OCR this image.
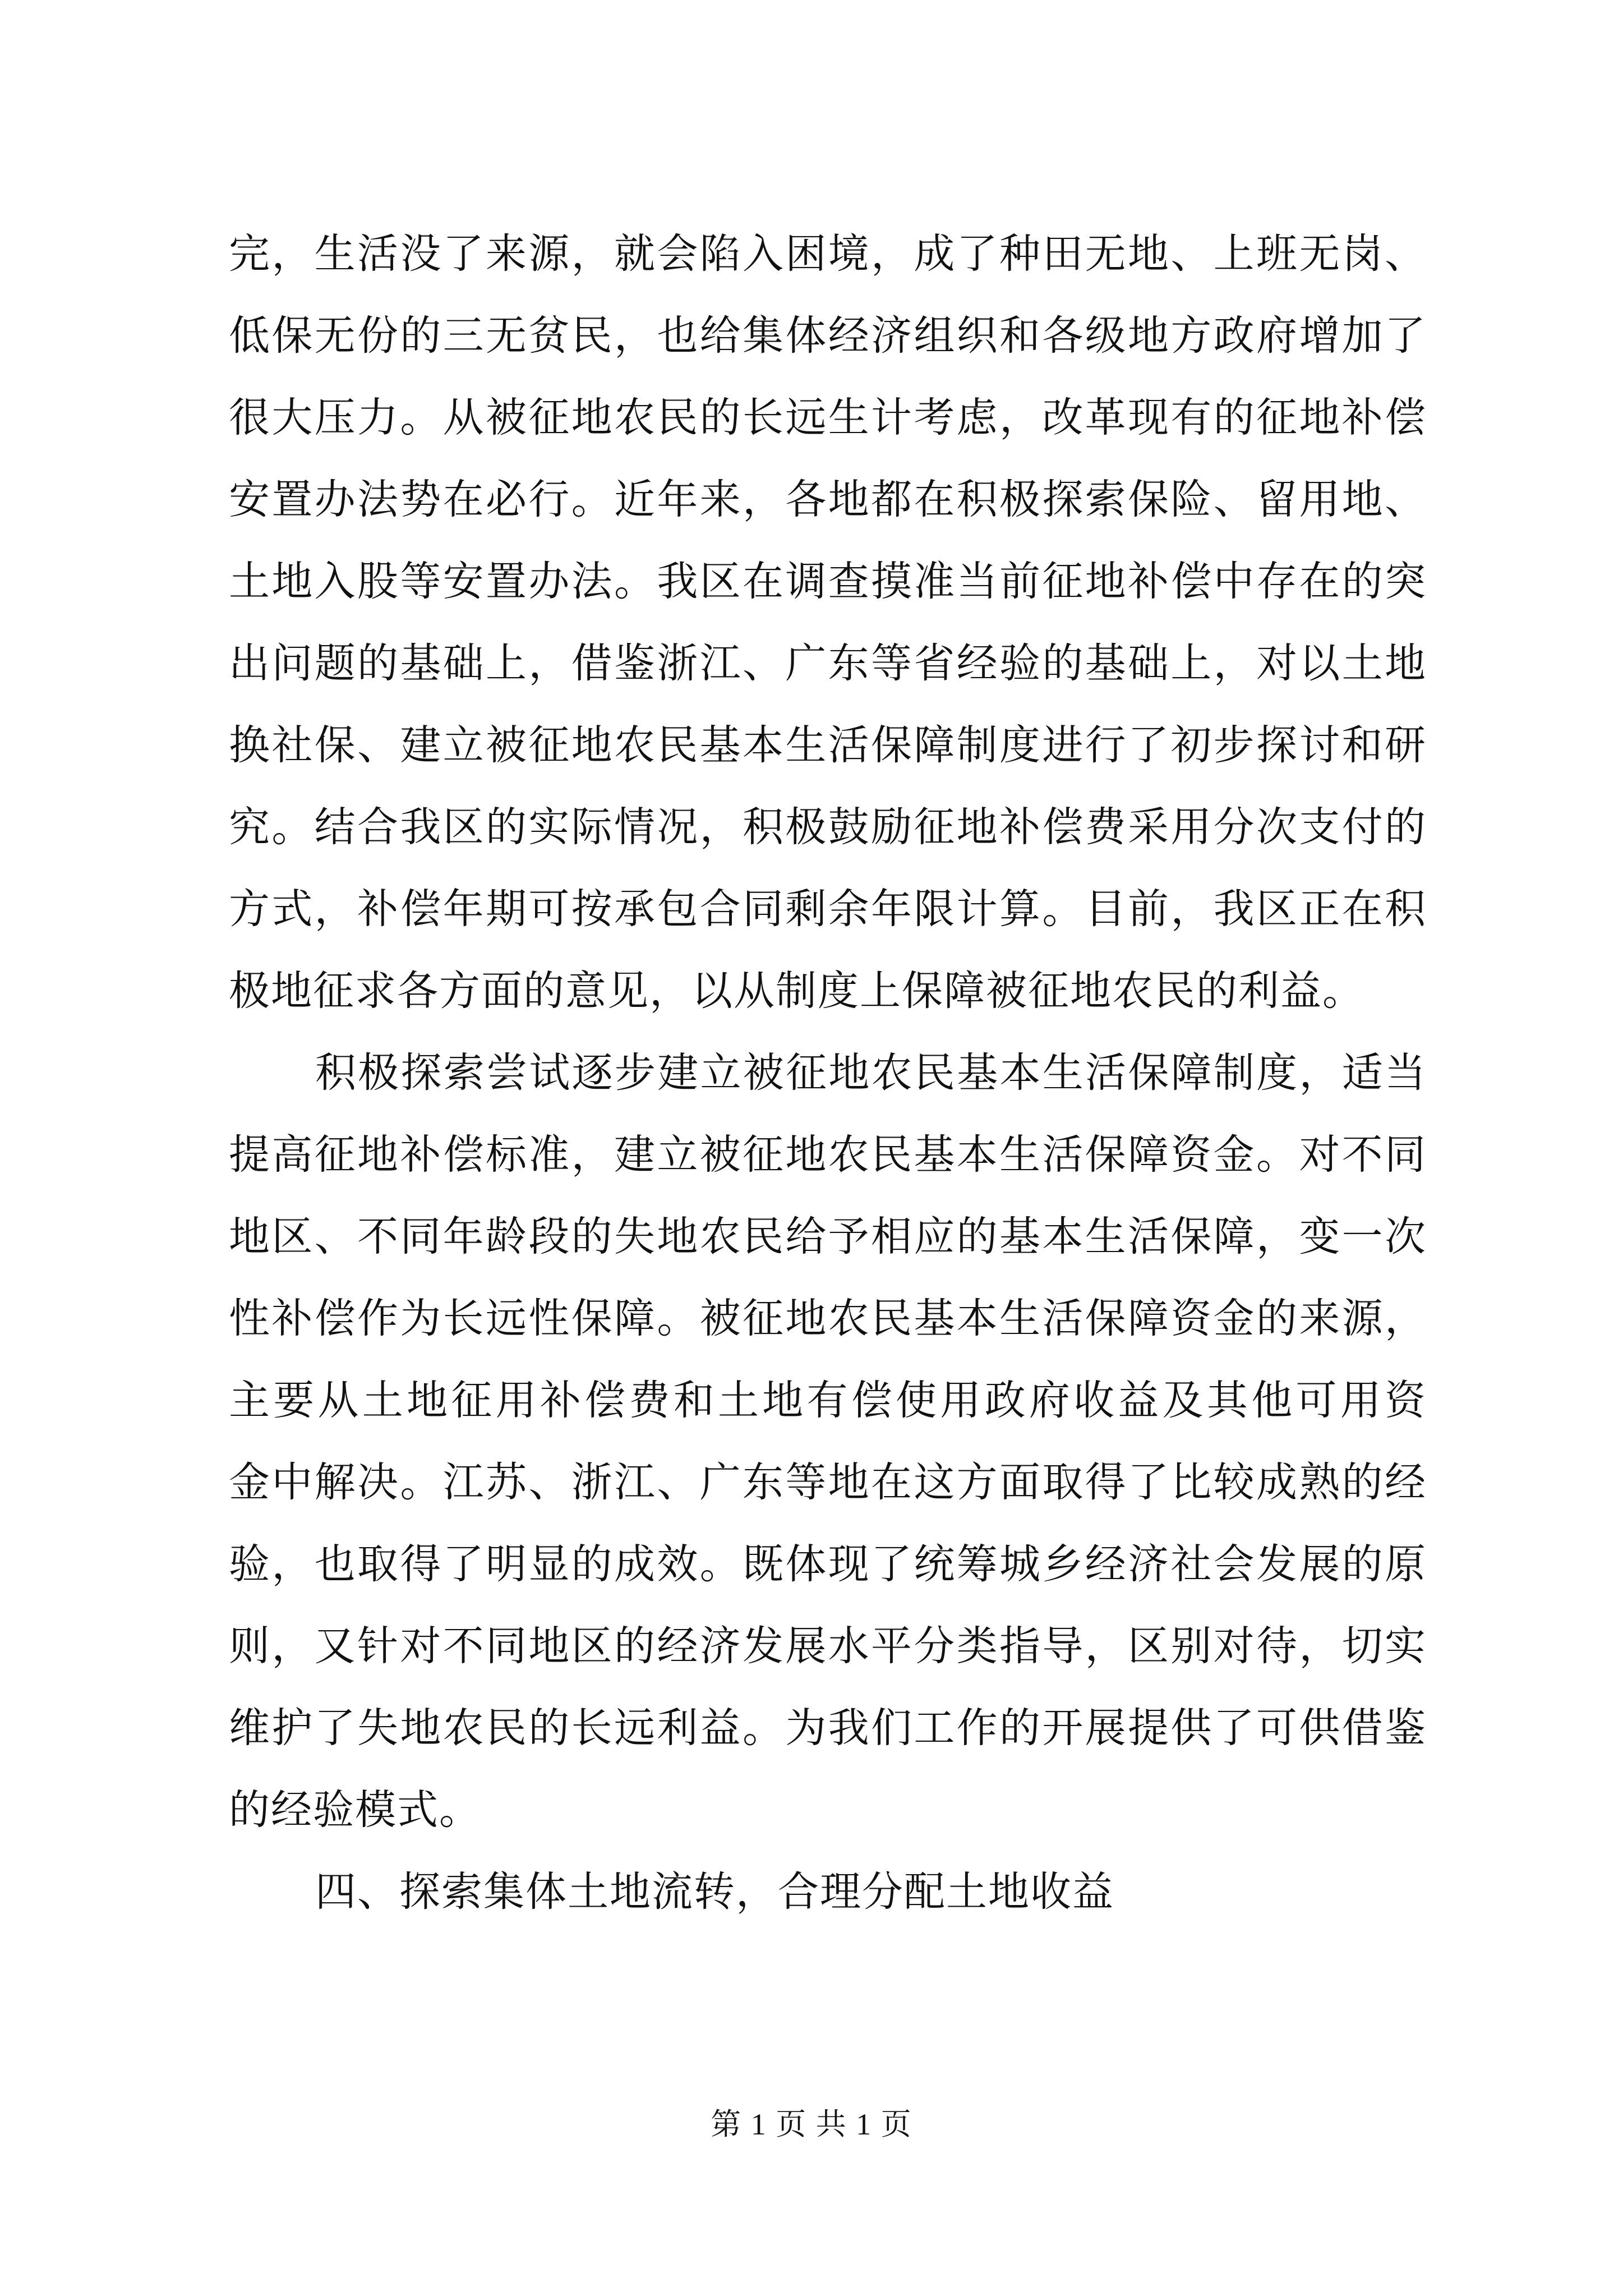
完，生活没了来源，就会陷入困境，成了种田无地、上班无岗、
低保无份的三无贫民，也给集体经济组织和各级地方政府增加了
很大压力。从被征地农民的长远生计考虑，改革现有的征地补偿
安置办法势在必行。近年来，各地都在积极探索保险、留用地、
土地入股等安置办法。我区在调查摸准当前征地补偿中存在的突
出问题的基础上，借鉴浙江、广东等省经验的基础上，对以土地
换社保、建立被征地农民基本生活保障制度进行了初步探讨和研
究。结合我区的实际情况，积极鼓励征地补偿费采用分次支付的
方式，补偿年期可按承包合同剩余年限计算。目前，我区正在积
极地征求各方面的意见，以从制度上保障被征地农民的利益。
积极探索尝试逐步建立被征地农民基本生活保障制度，适当
提高征地补偿标准，建立被征地农民基本生活保障资金。对不同
地区、不同年龄段的失地农民给予相应的基本生活保障，变一次
性补偿作为长远性保障。被征地农民基本生活保障资金的来源，
主要从土地征用补偿费和土地有偿使用政府收益及其他可用资
金中解决。江苏、浙江、广东等地在这方面取得了比较成熟的经
验，也取得了明显的成效。既体现了统筹城乡经济社会发展的原
则，又针对不同地区的经济发展水平分类指导，区别对待，切实
维护了失地农民的长远利益。为我们工作的开展提供了可供借鉴
的经验模式。
四、探索集体土地流转，合理分配土地收益
第 1 页 共 1 页
